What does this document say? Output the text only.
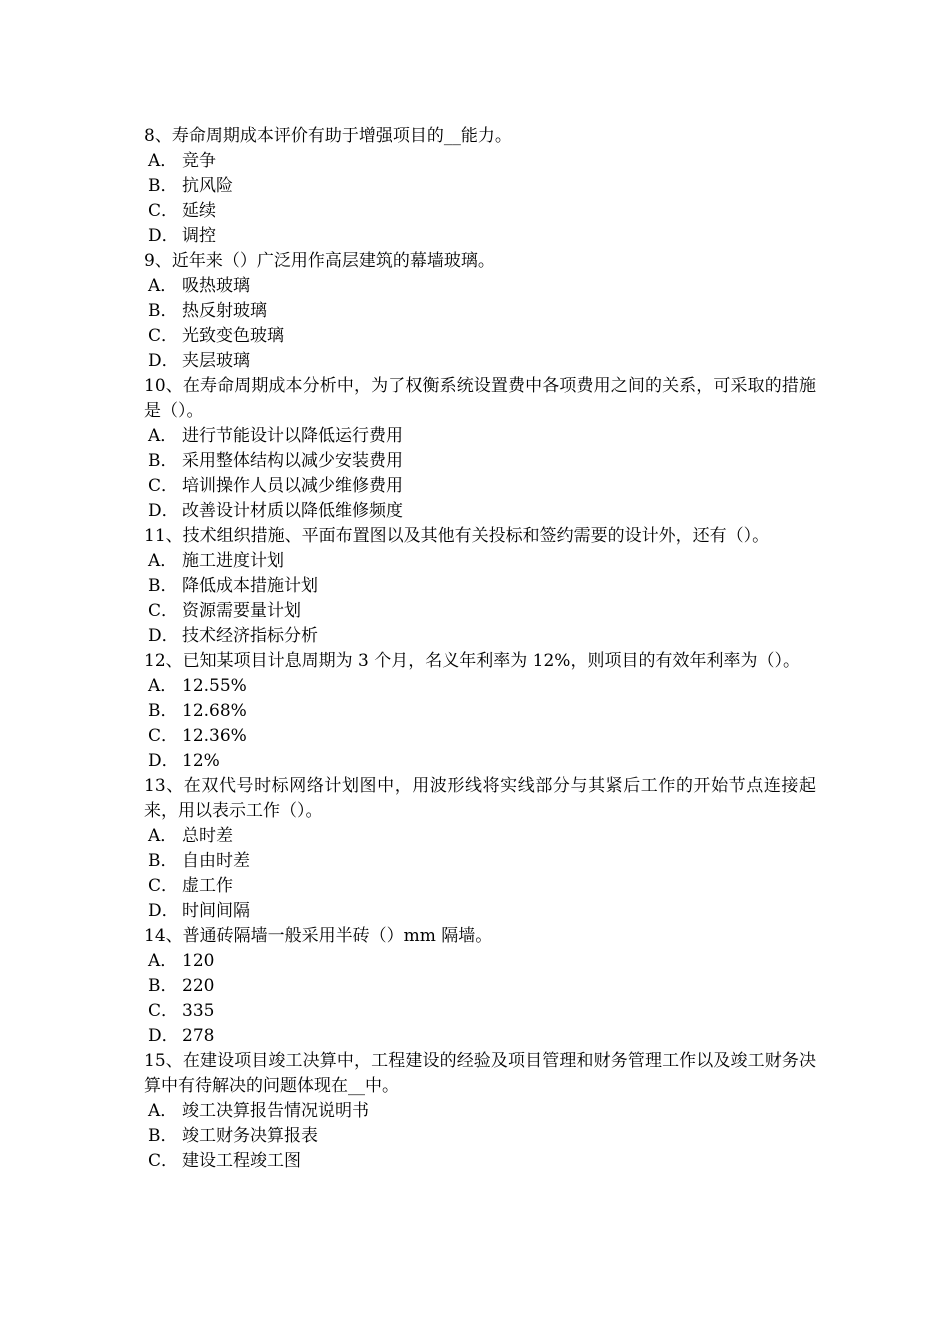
8、寿命周期成本评价有助于增强项目的__能力。
A． 竞争
B． 抗风险
C． 延续
D． 调控
9、近年来（）广泛用作高层建筑的幕墙玻璃。
A． 吸热玻璃
B． 热反射玻璃
C． 光致变色玻璃
D． 夹层玻璃
10、在寿命周期成本分析中，为了权衡系统设置费中各项费用之间的关系，可采取的措施是（）。
A． 进行节能设计以降低运行费用
B． 采用整体结构以减少安装费用
C． 培训操作人员以减少维修费用
D． 改善设计材质以降低维修频度
11、技术组织措施、平面布置图以及其他有关投标和签约需要的设计外，还有（）。
A． 施工进度计划
B． 降低成本措施计划
C． 资源需要量计划
D． 技术经济指标分析
12、已知某项目计息周期为 3 个月，名义年利率为 12%，则项目的有效年利率为（）。
A． 12.55%
B． 12.68%
C． 12.36%
D． 12%
13、在双代号时标网络计划图中，用波形线将实线部分与其紧后工作的开始节点连接起来，用以表示工作（）。
A． 总时差
B． 自由时差
C． 虚工作
D． 时间间隔
14、普通砖隔墙一般采用半砖（）mm 隔墙。
A． 120
B． 220
C． 335
D． 278
15、在建设项目竣工决算中，工程建设的经验及项目管理和财务管理工作以及竣工财务决算中有待解决的问题体现在__中。
A． 竣工决算报告情况说明书
B． 竣工财务决算报表
C． 建设工程竣工图
